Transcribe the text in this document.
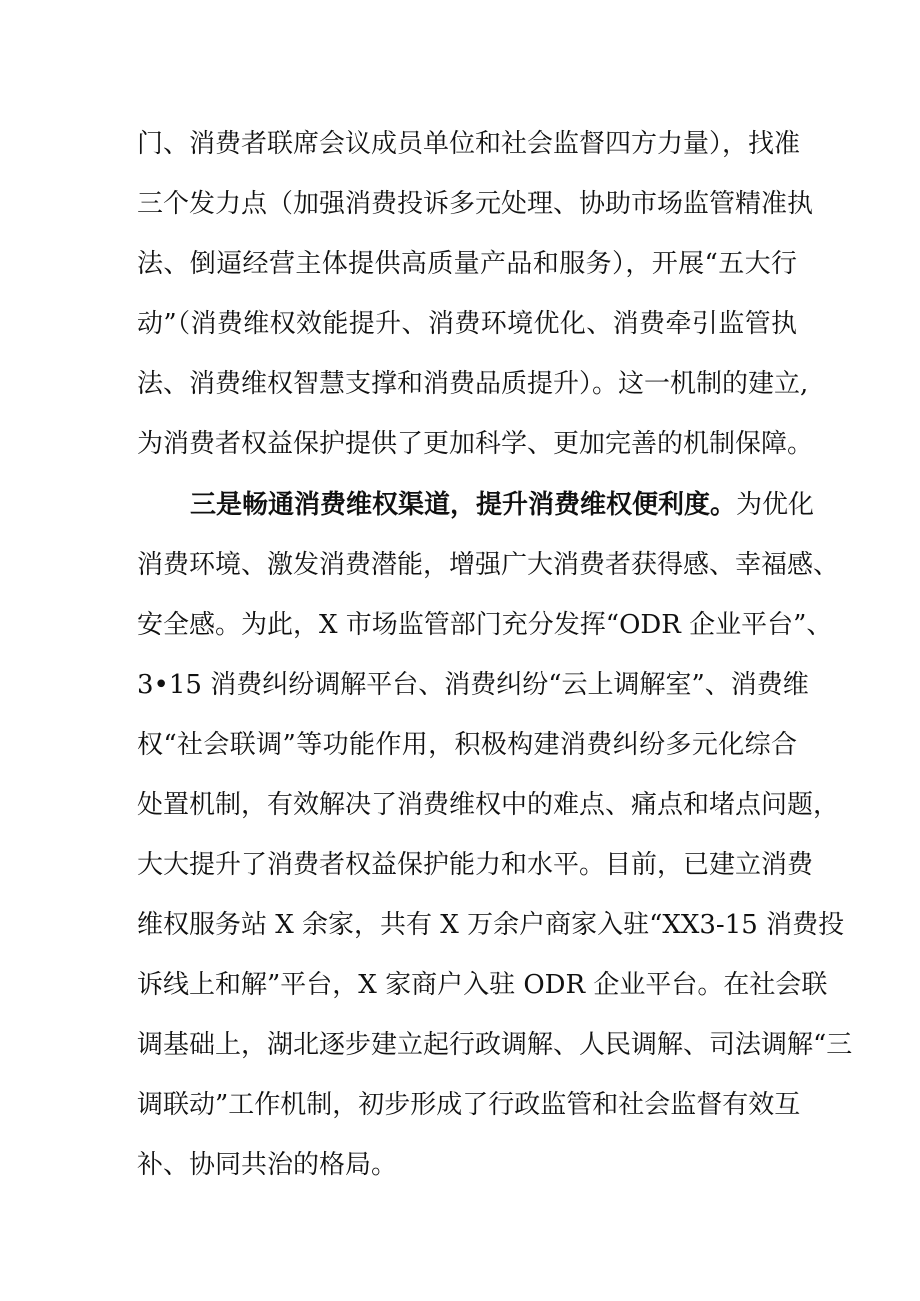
门、消费者联席会议成员单位和社会监督四方力量），找准
三个发力点（加强消费投诉多元处理、协助市场监管精准执
法、倒逼经营主体提供高质量产品和服务），开展“五大行
动”（消费维权效能提升、消费环境优化、消费牵引监管执
法、消费维权智慧支撑和消费品质提升）。这一机制的建立,
为消费者权益保护提供了更加科学、更加完善的机制保障。
三是畅通消费维权渠道，提升消费维权便利度。为优化
消费环境、激发消费潜能，增强广大消费者获得感、幸福感、
安全感。为此，X 市场监管部门充分发挥“ODR 企业平台”、
3•15 消费纠纷调解平台、消费纠纷“云上调解室”、消费维
权“社会联调”等功能作用，积极构建消费纠纷多元化综合
处置机制，有效解决了消费维权中的难点、痛点和堵点问题，
大大提升了消费者权益保护能力和水平。目前，已建立消费
维权服务站 X 余家，共有 X 万余户商家入驻“XX3-15 消费投
诉线上和解”平台，X 家商户入驻 ODR 企业平台。在社会联
调基础上，湖北逐步建立起行政调解、人民调解、司法调解“三
调联动”工作机制，初步形成了行政监管和社会监督有效互
补、协同共治的格局。
